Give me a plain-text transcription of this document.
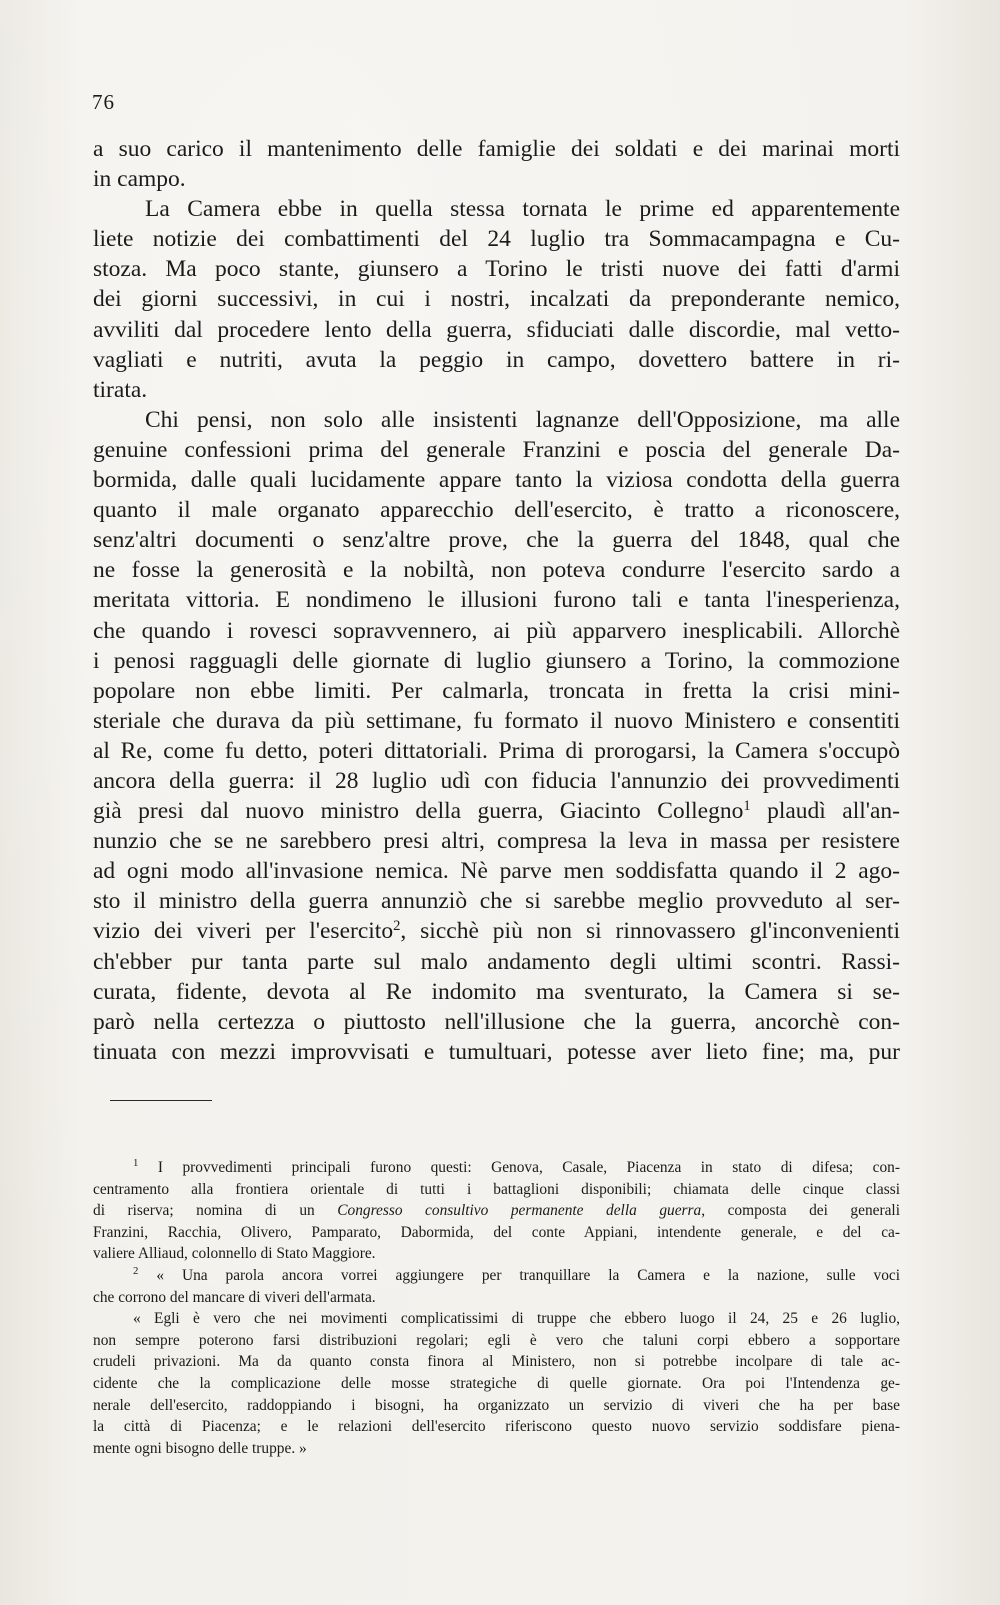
76
a suo carico il mantenimento delle famiglie dei soldati e dei marinai morti
in campo.
La Camera ebbe in quella stessa tornata le prime ed apparentemente
liete notizie dei combattimenti del 24 luglio tra Sommacampagna e Cu-
stoza. Ma poco stante, giunsero a Torino le tristi nuove dei fatti d'armi
dei giorni successivi, in cui i nostri, incalzati da preponderante nemico,
avviliti dal procedere lento della guerra, sfiduciati dalle discordie, mal vetto-
vagliati e nutriti, avuta la peggio in campo, dovettero battere in ri-
tirata.
Chi pensi, non solo alle insistenti lagnanze dell'Opposizione, ma alle
genuine confessioni prima del generale Franzini e poscia del generale Da-
bormida, dalle quali lucidamente appare tanto la viziosa condotta della guerra
quanto il male organato apparecchio dell'esercito, è tratto a riconoscere,
senz'altri documenti o senz'altre prove, che la guerra del 1848, qual che
ne fosse la generosità e la nobiltà, non poteva condurre l'esercito sardo a
meritata vittoria. E nondimeno le illusioni furono tali e tanta l'inesperienza,
che quando i rovesci sopravvennero, ai più apparvero inesplicabili. Allorchè
i penosi ragguagli delle giornate di luglio giunsero a Torino, la commozione
popolare non ebbe limiti. Per calmarla, troncata in fretta la crisi mini-
steriale che durava da più settimane, fu formato il nuovo Ministero e consentiti
al Re, come fu detto, poteri dittatoriali. Prima di prorogarsi, la Camera s'occupò
ancora della guerra: il 28 luglio udì con fiducia l'annunzio dei provvedimenti
già presi dal nuovo ministro della guerra, Giacinto Collegno$^1$ plaudì all'an-
nunzio che se ne sarebbero presi altri, compresa la leva in massa per resistere
ad ogni modo all'invasione nemica. Nè parve men soddisfatta quando il 2 ago-
sto il ministro della guerra annunziò che si sarebbe meglio provveduto al ser-
vizio dei viveri per l'esercito$^2$, sicchè più non si rinnovassero gl'inconvenienti
ch'ebber pur tanta parte sul malo andamento degli ultimi scontri. Rassi-
curata, fidente, devota al Re indomito ma sventurato, la Camera si se-
parò nella certezza o piuttosto nell'illusione che la guerra, ancorchè con-
tinuata con mezzi improvvisati e tumultuari, potesse aver lieto fine; ma, pur
$^1$ I provvedimenti principali furono questi: Genova, Casale, Piacenza in stato di difesa; con-
centramento alla frontiera orientale di tutti i battaglioni disponibili; chiamata delle cinque classi
di riserva; nomina di un Congresso consultivo permanente della guerra, composta dei generali
Franzini, Racchia, Olivero, Pamparato, Dabormida, del conte Appiani, intendente generale, e del ca-
valiere Alliaud, colonnello di Stato Maggiore.
$^2$ « Una parola ancora vorrei aggiungere per tranquillare la Camera e la nazione, sulle voci
che corrono del mancare di viveri dell'armata.
« Egli è vero che nei movimenti complicatissimi di truppe che ebbero luogo il 24, 25 e 26 luglio,
non sempre poterono farsi distribuzioni regolari; egli è vero che taluni corpi ebbero a sopportare
crudeli privazioni. Ma da quanto consta finora al Ministero, non si potrebbe incolpare di tale ac-
cidente che la complicazione delle mosse strategiche di quelle giornate. Ora poi l'Intendenza ge-
nerale dell'esercito, raddoppiando i bisogni, ha organizzato un servizio di viveri che ha per base
la città di Piacenza; e le relazioni dell'esercito riferiscono questo nuovo servizio soddisfare piena-
mente ogni bisogno delle truppe. »
